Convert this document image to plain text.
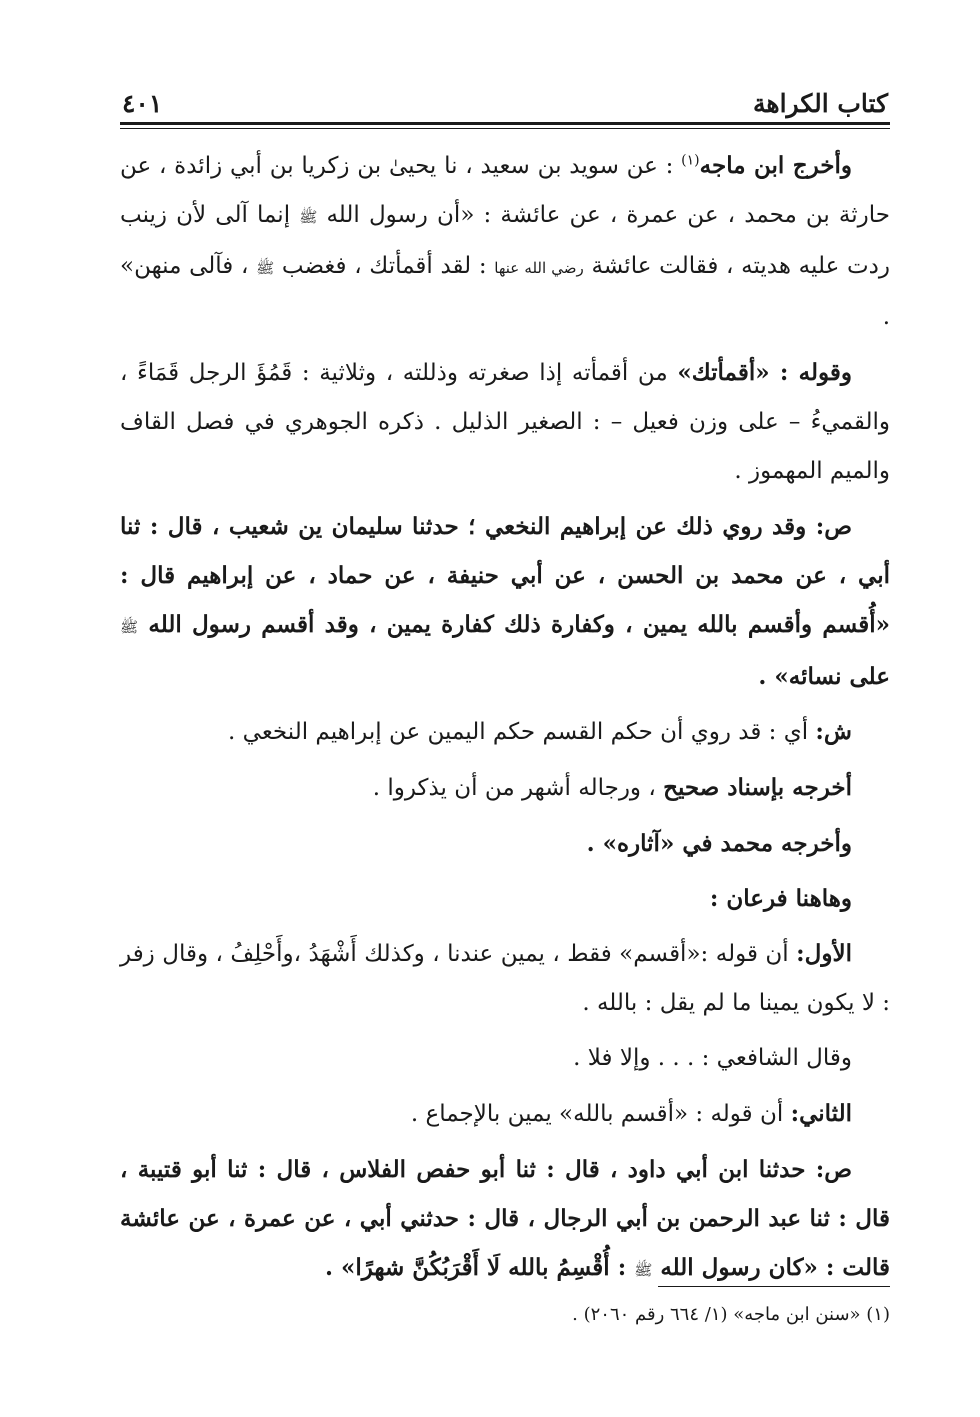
كتاب الكراهة
٤٠١

وأخرج ابن ماجه$^{(١)}$ : عن سويد بن سعيد ، نا يحيىٰ بن زكريا بن أبي زائدة ، عن حارثة بن محمد ، عن عمرة ، عن عائشة : «أن رسول الله ﷺ إنما آلى لأن زينب ردت عليه هديته ، فقالت عائشة رضي الله عنها : لقد أقمأتك ، فغضب ﷺ ، فآلى منهن» .

وقوله : «أقمأتك» من أقمأته إذا صغرته وذللته ، وثلاثية : قَمُؤَ الرجل قَمَاءً ، والقميءُ – على وزن فعيل – : الصغير الذليل . ذكره الجوهري في فصل القاف والميم المهموز .

ص: وقد روي ذلك عن إبراهيم النخعي ؛ حدثنا سليمان ين شعيب ، قال : ثنا أبي ، عن محمد بن الحسن ، عن أبي حنيفة ، عن حماد ، عن إبراهيم قال : «أُقسم وأقسم بالله يمين ، وكفارة ذلك كفارة يمين ، وقد أقسم رسول الله ﷺ على نسائه» .

ش: أي : قد روي أن حكم القسم حكم اليمين عن إبراهيم النخعي .

أخرجه بإسناد صحيح ، ورجاله أشهر من أن يذكروا .

وأخرجه محمد في «آثاره» .

وهاهنا فرعان :

الأول: أن قوله :«أقسم» فقط ، يمين عندنا ، وكذلك أَشْهَدُ ،وأَحْلِفُ ، وقال زفر : لا يكون يمينا ما لم يقل : بالله .

وقال الشافعي : . . . وإلا فلا .

الثاني: أن قوله : «أقسم بالله» يمين بالإجماع .

ص: حدثنا ابن أبي داود ، قال : ثنا أبو حفص الفلاس ، قال : ثنا أبو قتيبة ، قال : ثنا عبد الرحمن بن أبي الرجال ، قال : حدثني أبي ، عن عمرة ، عن عائشة قالت : «كان رسول الله ﷺ : أُقْسِمُ بالله لَا أَقْرَبُكُنَّ شهرًا» .

(١) «سنن ابن ماجه» (١/ ٦٦٤ رقم ٢٠٦٠) .
